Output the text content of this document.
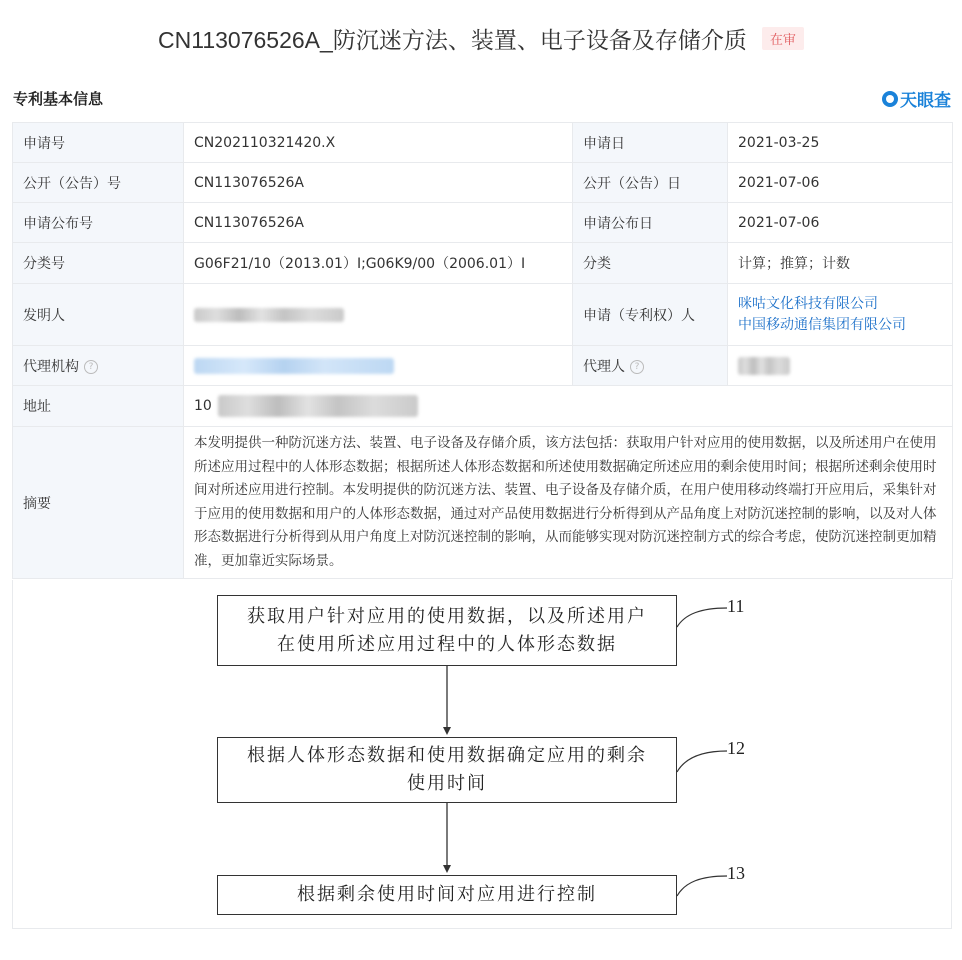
CN113076526A_防沉迷方法、装置、电子设备及存储介质 在审
专利基本信息	天眼查
申请号	CN202110321420.X	申请日	2021-03-25
公开（公告）号	CN113076526A	公开（公告）日	2021-07-06
申请公布号	CN113076526A	申请公布日	2021-07-06
分类号	G06F21/10（2013.01）I;G06K9/00（2006.01）I	分类	计算；推算；计数
发明人		申请（专利权）人	咪咕文化科技有限公司
中国移动通信集团有限公司

代理机构 ?		代理人 ?	
地址	10		
摘要	本发明提供一种防沉迷方法、装置、电子设备及存储介质，该方法包括：获取用户针对应用的使用数据，以及所述用户在使用所述应用过程中的人体形态数据；根据所述人体形态数据和所述使用数据确定所述应用的剩余使用时间；根据所述剩余使用时间对所述应用进行控制。本发明提供的防沉迷方法、装置、电子设备及存储介质，在用户使用移动终端打开应用后，采集针对于应用的使用数据和用户的人体形态数据，通过对产品使用数据进行分析得到从产品角度上对防沉迷控制的影响，以及对人体形态数据进行分析得到从用户角度上对防沉迷控制的影响，从而能够实现对防沉迷控制方式的综合考虑，使防沉迷控制更加精准，更加靠近实际场景。		
获取用户针对应用的使用数据，以及所述用户
在使用所述应用过程中的人体形态数据
11
根据人体形态数据和使用数据确定应用的剩余
使用时间
12
根据剩余使用时间对应用进行控制
13
